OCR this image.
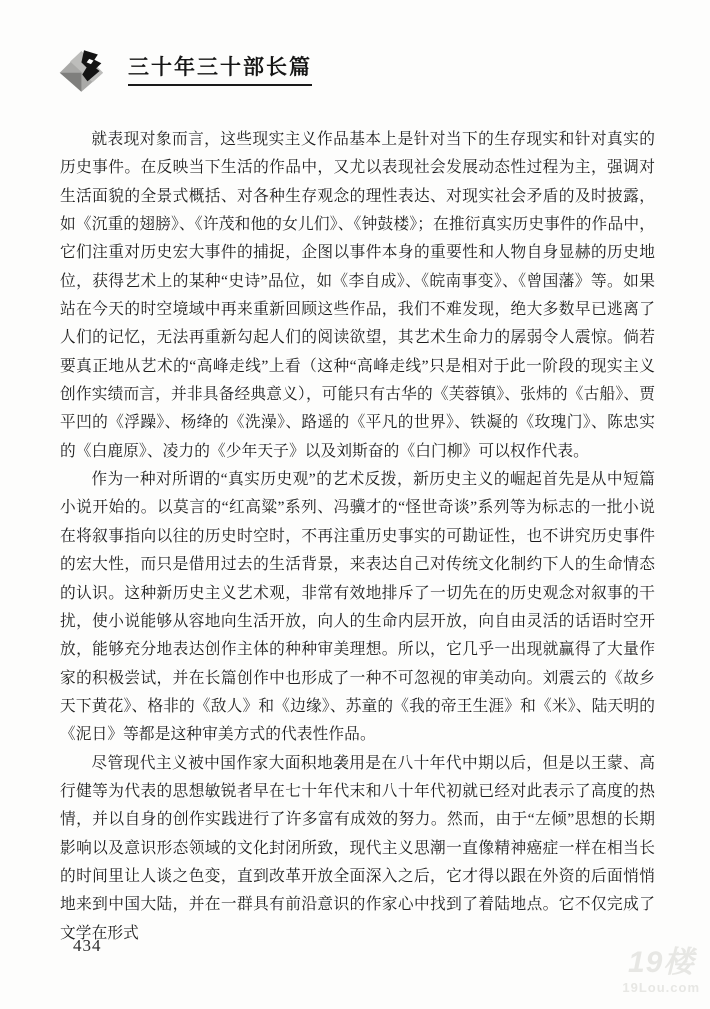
三十年三十部长篇

就表现对象而言，这些现实主义作品基本上是针对当下的生存现实和针对真实的历史事件。在反映当下生活的作品中，又尤以表现社会发展动态性过程为主，强调对生活面貌的全景式概括、对各种生存观念的理性表达、对现实社会矛盾的及时披露，如《沉重的翅膀》、《许茂和他的女儿们》、《钟鼓楼》；在推衍真实历史事件的作品中，它们注重对历史宏大事件的捕捉，企图以事件本身的重要性和人物自身显赫的历史地位，获得艺术上的某种“史诗”品位，如《李自成》、《皖南事变》、《曾国藩》等。如果站在今天的时空境域中再来重新回顾这些作品，我们不难发现，绝大多数早已逃离了人们的记忆，无法再重新勾起人们的阅读欲望，其艺术生命力的孱弱令人震惊。倘若要真正地从艺术的“高峰走线”上看（这种“高峰走线”只是相对于此一阶段的现实主义创作实绩而言，并非具备经典意义），可能只有古华的《芙蓉镇》、张炜的《古船》、贾平凹的《浮躁》、杨绛的《洗澡》、路遥的《平凡的世界》、铁凝的《玫瑰门》、陈忠实的《白鹿原》、凌力的《少年天子》以及刘斯奋的《白门柳》可以权作代表。

作为一种对所谓的“真实历史观”的艺术反拨，新历史主义的崛起首先是从中短篇小说开始的。以莫言的“红高粱”系列、冯骥才的“怪世奇谈”系列等为标志的一批小说在将叙事指向以往的历史时空时，不再注重历史事实的可勘证性，也不讲究历史事件的宏大性，而只是借用过去的生活背景，来表达自己对传统文化制约下人的生命情态的认识。这种新历史主义艺术观，非常有效地排斥了一切先在的历史观念对叙事的干扰，使小说能够从容地向生活开放，向人的生命内层开放，向自由灵活的话语时空开放，能够充分地表达创作主体的种种审美理想。所以，它几乎一出现就赢得了大量作家的积极尝试，并在长篇创作中也形成了一种不可忽视的审美动向。刘震云的《故乡天下黄花》、格非的《敌人》和《边缘》、苏童的《我的帝王生涯》和《米》、陆天明的《泥日》等都是这种审美方式的代表性作品。

尽管现代主义被中国作家大面积地袭用是在八十年代中期以后，但是以王蒙、高行健等为代表的思想敏锐者早在七十年代末和八十年代初就已经对此表示了高度的热情，并以自身的创作实践进行了许多富有成效的努力。然而，由于“左倾”思想的长期影响以及意识形态领域的文化封闭所致，现代主义思潮一直像精神癌症一样在相当长的时间里让人谈之色变，直到改革开放全面深入之后，它才得以跟在外资的后面悄悄地来到中国大陆，并在一群具有前沿意识的作家心中找到了着陆地点。它不仅完成了文学在形式

434
19楼
19Lou.com
